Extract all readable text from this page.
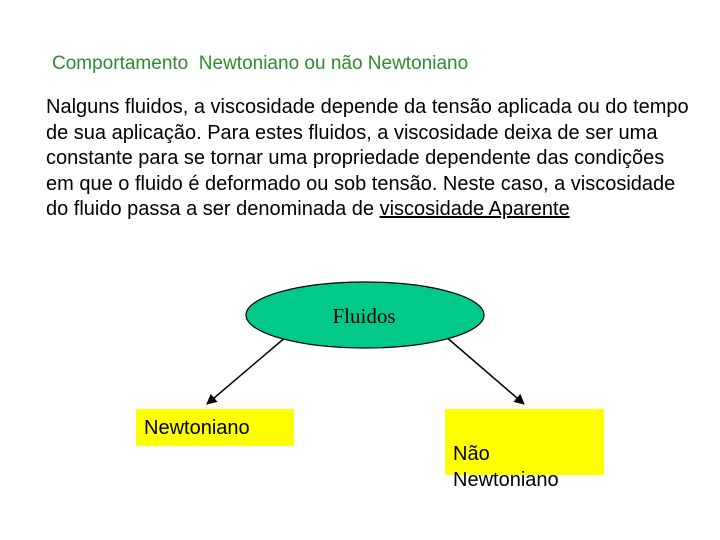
Comportamento  Newtoniano ou não Newtoniano
Nalguns fluidos, a viscosidade depende da tensão aplicada ou do tempo de sua aplicação. Para estes fluidos, a viscosidade deixa de ser uma constante para se tornar uma propriedade dependente das condições em que o fluido é deformado ou sob tensão. Neste caso, a viscosidade do fluido passa a ser denominada de viscosidade Aparente
Fluidos
Newtoniano

Não
Newtoniano
